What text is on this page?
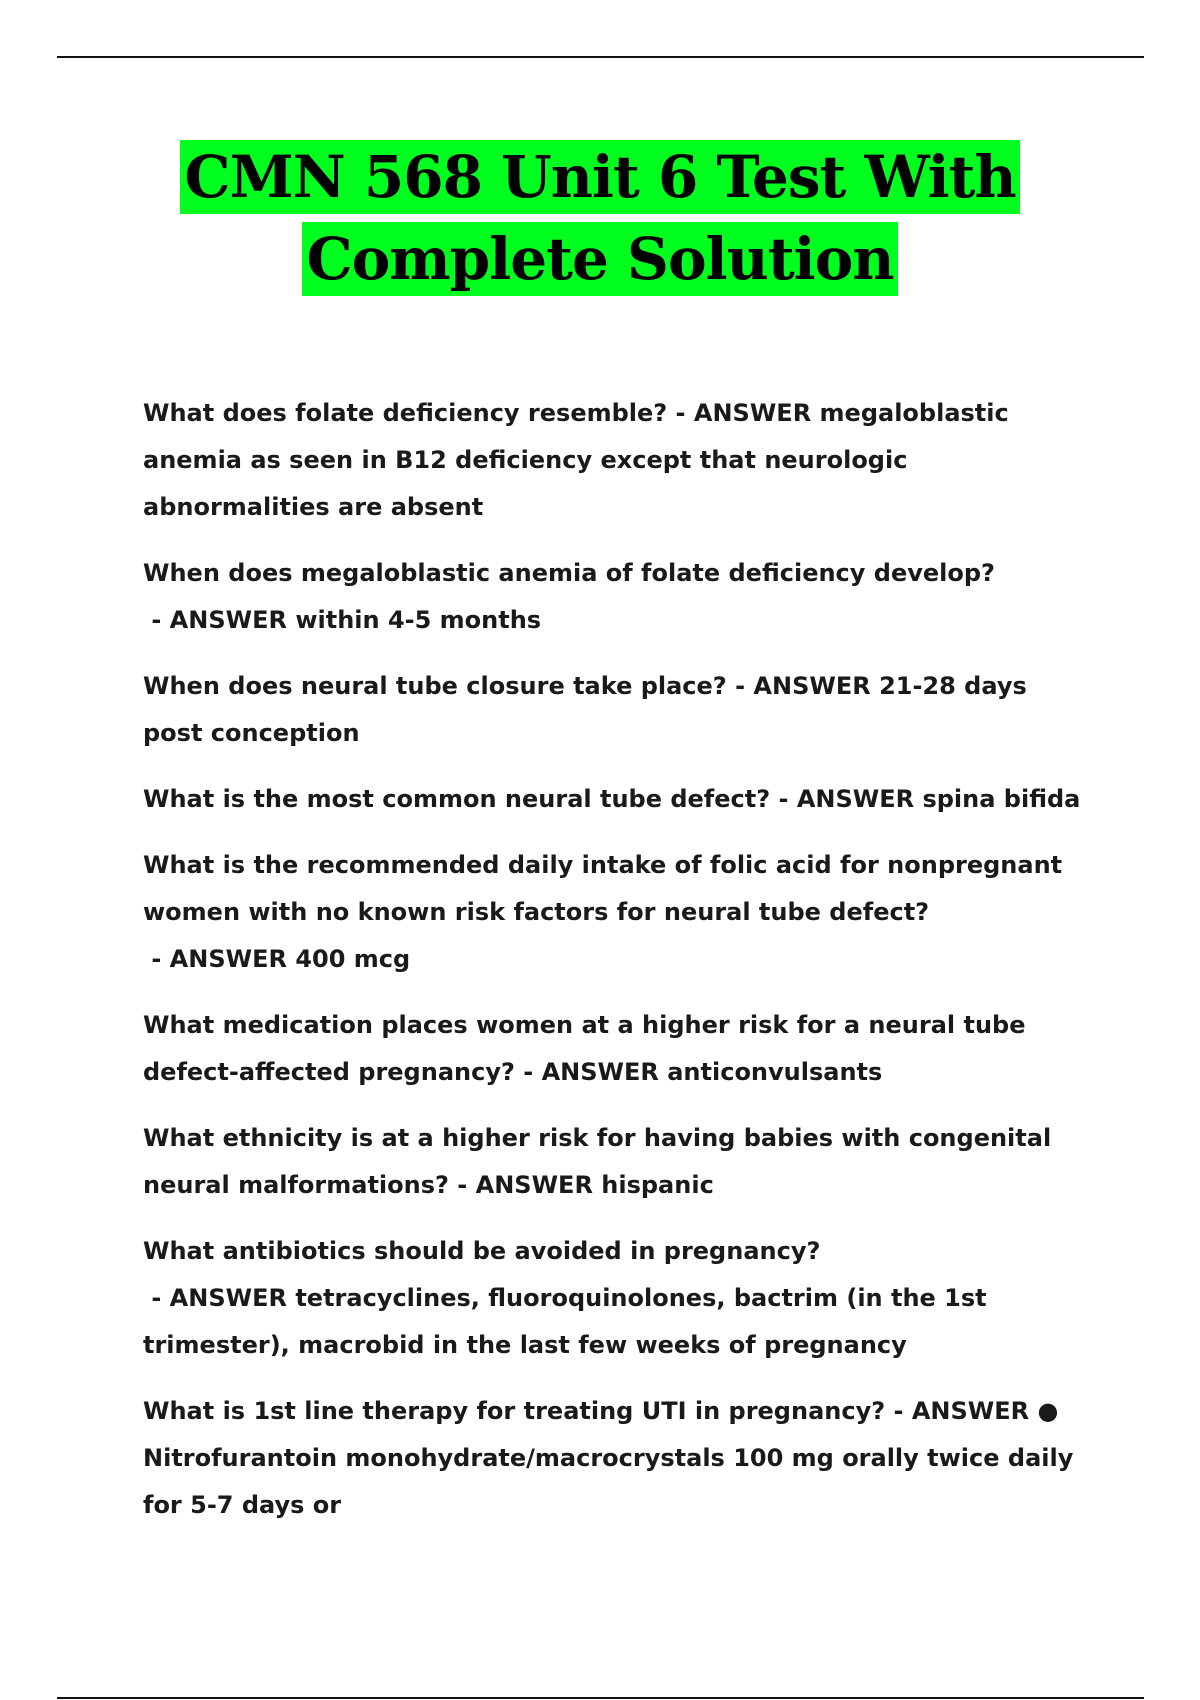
CMN 568 Unit 6 Test With
Complete Solution

What does folate deficiency resemble? - ANSWER megaloblastic anemia as seen in B12 deficiency except that neurologic abnormalities are absent

When does megaloblastic anemia of folate deficiency develop? - ANSWER within 4-5 months

When does neural tube closure take place? - ANSWER 21-28 days post conception

What is the most common neural tube defect? - ANSWER spina bifida

What is the recommended daily intake of folic acid for nonpregnant women with no known risk factors for neural tube defect? - ANSWER 400 mcg

What medication places women at a higher risk for a neural tube defect-affected pregnancy? - ANSWER anticonvulsants

What ethnicity is at a higher risk for having babies with congenital neural malformations? - ANSWER hispanic

What antibiotics should be avoided in pregnancy? - ANSWER tetracyclines, fluoroquinolones, bactrim (in the 1st trimester), macrobid in the last few weeks of pregnancy

What is 1st line therapy for treating UTI in pregnancy? - ANSWER ● Nitrofurantoin monohydrate/macrocrystals 100 mg orally twice daily for 5-7 days or
